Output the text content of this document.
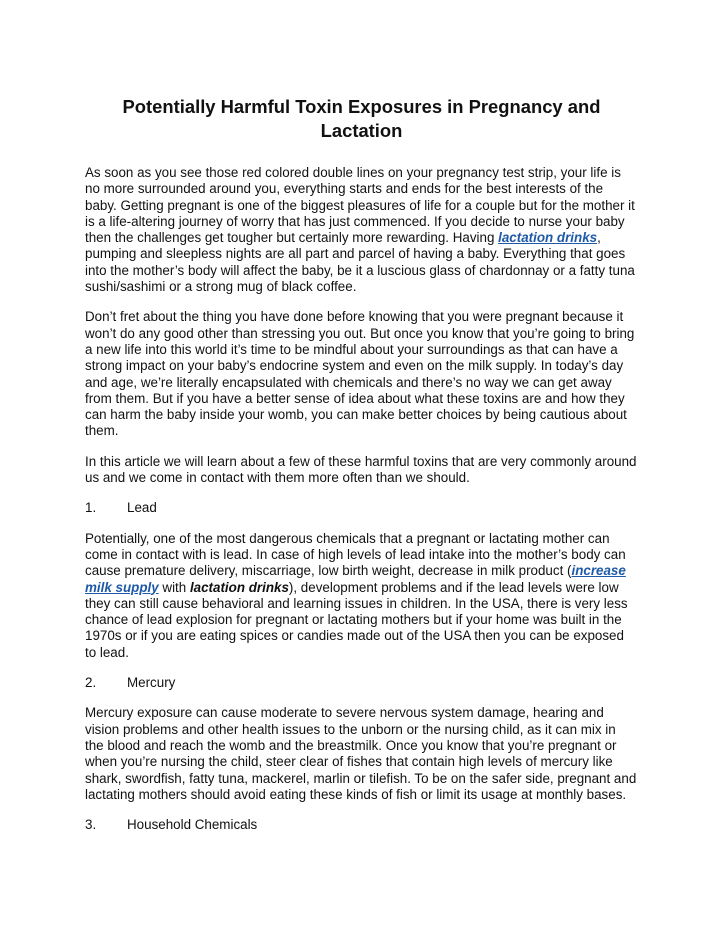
Potentially Harmful Toxin Exposures in Pregnancy and Lactation

As soon as you see those red colored double lines on your pregnancy test strip, your life is no more surrounded around you, everything starts and ends for the best interests of the baby. Getting pregnant is one of the biggest pleasures of life for a couple but for the mother it is a life-altering journey of worry that has just commenced. If you decide to nurse your baby then the challenges get tougher but certainly more rewarding. Having lactation drinks, pumping and sleepless nights are all part and parcel of having a baby. Everything that goes into the mother’s body will affect the baby, be it a luscious glass of chardonnay or a fatty tuna sushi/sashimi or a strong mug of black coffee.

Don’t fret about the thing you have done before knowing that you were pregnant because it won’t do any good other than stressing you out. But once you know that you’re going to bring a new life into this world it’s time to be mindful about your surroundings as that can have a strong impact on your baby’s endocrine system and even on the milk supply. In today’s day and age, we’re literally encapsulated with chemicals and there’s no way we can get away from them. But if you have a better sense of idea about what these toxins are and how they can harm the baby inside your womb, you can make better choices by being cautious about them.

In this article we will learn about a few of these harmful toxins that are very commonly around us and we come in contact with them more often than we should.

1.	Lead

Potentially, one of the most dangerous chemicals that a pregnant or lactating mother can come in contact with is lead. In case of high levels of lead intake into the mother’s body can cause premature delivery, miscarriage, low birth weight, decrease in milk product (increase milk supply with lactation drinks), development problems and if the lead levels were low they can still cause behavioral and learning issues in children. In the USA, there is very less chance of lead explosion for pregnant or lactating mothers but if your home was built in the 1970s or if you are eating spices or candies made out of the USA then you can be exposed to lead.

2.	Mercury

Mercury exposure can cause moderate to severe nervous system damage, hearing and vision problems and other health issues to the unborn or the nursing child, as it can mix in the blood and reach the womb and the breastmilk. Once you know that you’re pregnant or when you’re nursing the child, steer clear of fishes that contain high levels of mercury like shark, swordfish, fatty tuna, mackerel, marlin or tilefish. To be on the safer side, pregnant and lactating mothers should avoid eating these kinds of fish or limit its usage at monthly bases.

3.	Household Chemicals
